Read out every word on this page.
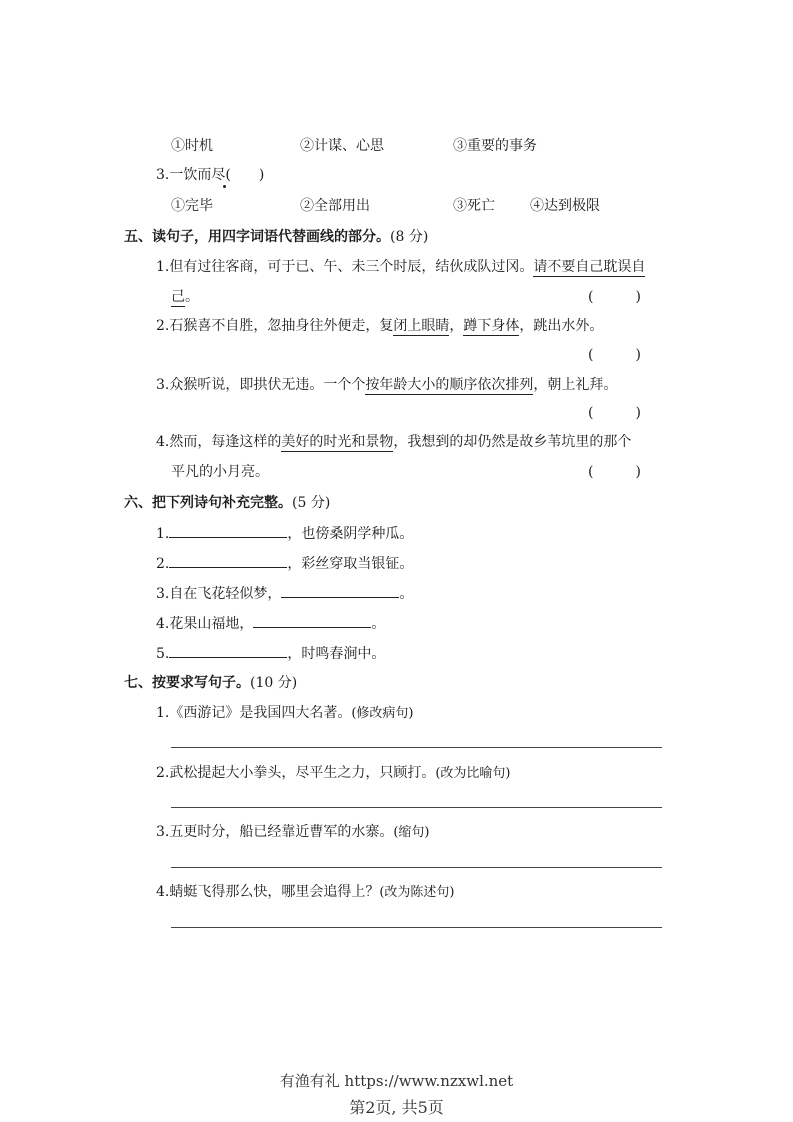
①时机	②计谋、心思	③重要的事务
3.一饮而尽(　　)
①完毕	②全部用出	③死亡	④达到极限
五、读句子，用四字词语代替画线的部分。(8 分)
1.但有过往客商，可于已、午、未三个时辰，结伙成队过冈。请不要自己耽误自
己。	(　　　)
2.石猴喜不自胜，忽抽身往外便走，复闭上眼睛，蹲下身体，跳出水外。
(　　　)
3.众猴听说，即拱伏无违。一个个按年龄大小的顺序依次排列，朝上礼拜。
(　　　)
4.然而，每逢这样的美好的时光和景物，我想到的却仍然是故乡苇坑里的那个
平凡的小月亮。	(　　　)
六、把下列诗句补充完整。(5 分)
1.	，也傍桑阴学种瓜。
2.	，彩丝穿取当银钲。
3.自在飞花轻似梦，	。
4.花果山福地，	。
5.	，时鸣春涧中。
七、按要求写句子。(10 分)
1.《西游记》是我国四大名著。(修改病句)
2.武松提起大小拳头，尽平生之力，只顾打。(改为比喻句)
3.五更时分，船已经靠近曹军的水寨。(缩句)
4.蜻蜓飞得那么快，哪里会追得上？(改为陈述句)
有渔有礼 https://www.nzxwl.net
第2页, 共5页
